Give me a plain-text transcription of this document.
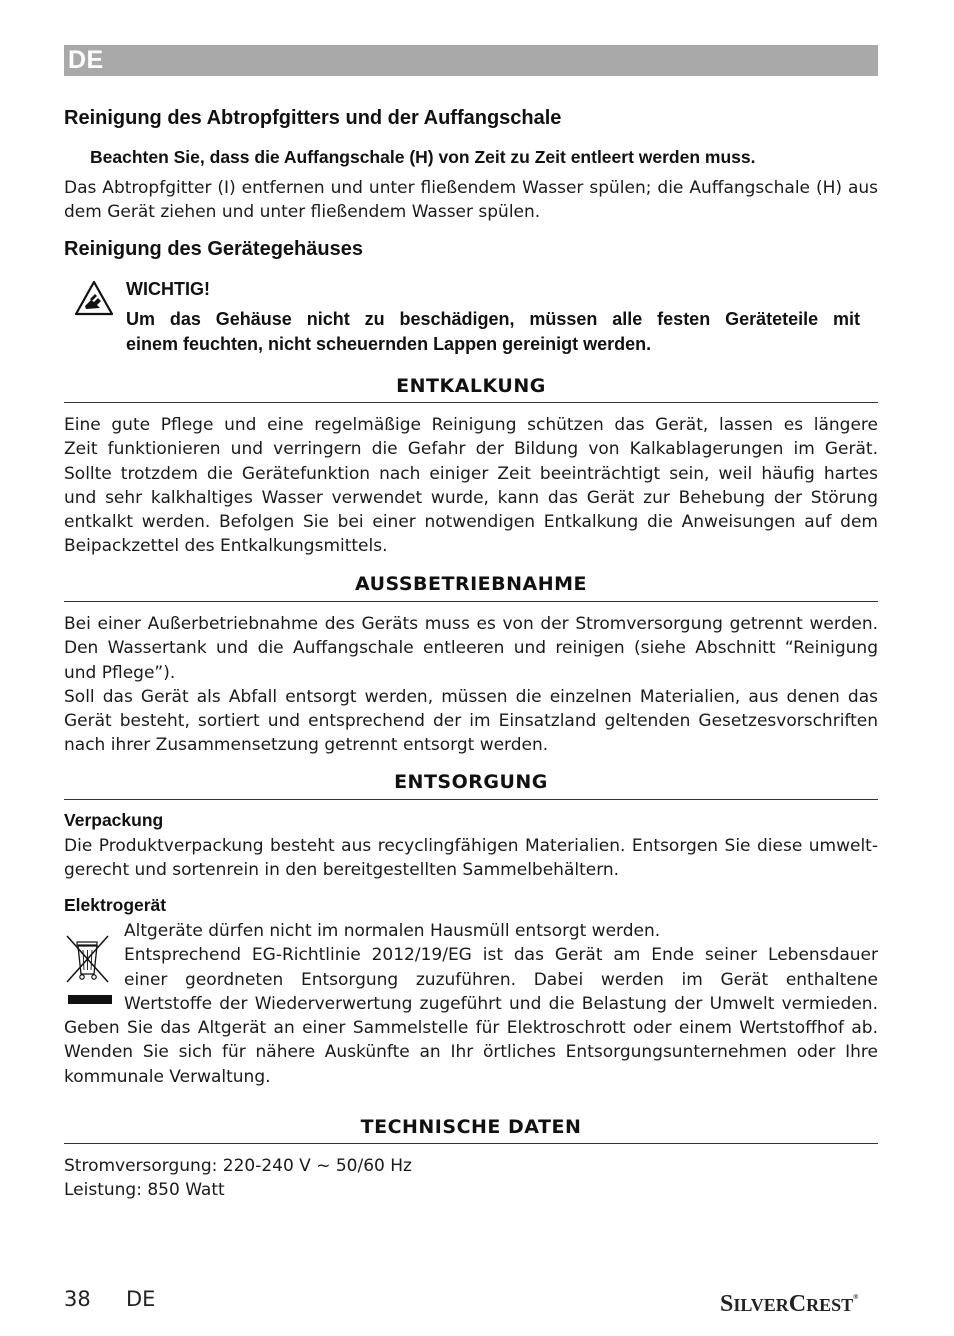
DE
Reinigung des Abtropfgitters und der Auffangschale
Beachten Sie, dass die Auffangschale (H) von Zeit zu Zeit entleert werden muss.
Das Abtropfgitter (I) entfernen und unter fließendem Wasser spülen; die Auffangschale (H) aus
dem Gerät ziehen und unter fließendem Wasser spülen.
Reinigung des Gerätegehäuses
WICHTIG!
Um das Gehäuse nicht zu beschädigen, müssen alle festen Geräteteile mit
einem feuchten, nicht scheuernden Lappen gereinigt werden.
ENTKALKUNG
Eine gute Pflege und eine regelmäßige Reinigung schützen das Gerät, lassen es längere
Zeit funktionieren und verringern die Gefahr der Bildung von Kalkablagerungen im Gerät.
Sollte trotzdem die Gerätefunktion nach einiger Zeit beeinträchtigt sein, weil häufig hartes
und sehr kalkhaltiges Wasser verwendet wurde, kann das Gerät zur Behebung der Störung
entkalkt werden. Befolgen Sie bei einer notwendigen Entkalkung die Anweisungen auf dem
Beipackzettel des Entkalkungsmittels.
AUSSBETRIEBNAHME
Bei einer Außerbetriebnahme des Geräts muss es von der Stromversorgung getrennt werden.
Den Wassertank und die Auffangschale entleeren und reinigen (siehe Abschnitt “Reinigung
und Pflege”).
Soll das Gerät als Abfall entsorgt werden, müssen die einzelnen Materialien, aus denen das
Gerät besteht, sortiert und entsprechend der im Einsatzland geltenden Gesetzesvorschriften
nach ihrer Zusammensetzung getrennt entsorgt werden.
ENTSORGUNG
Verpackung
Die Produktverpackung besteht aus recyclingfähigen Materialien. Entsorgen Sie diese umwelt-
gerecht und sortenrein in den bereitgestellten Sammelbehältern.
Elektrogerät
Altgeräte dürfen nicht im normalen Hausmüll entsorgt werden.
Entsprechend EG-Richtlinie 2012/19/EG ist das Gerät am Ende seiner Lebensdauer
einer geordneten Entsorgung zuzuführen. Dabei werden im Gerät enthaltene
Wertstoffe der Wiederverwertung zugeführt und die Belastung der Umwelt vermieden.
Geben Sie das Altgerät an einer Sammelstelle für Elektroschrott oder einem Wertstoffhof ab.
Wenden Sie sich für nähere Auskünfte an Ihr örtliches Entsorgungsunternehmen oder Ihre
kommunale Verwaltung.
TECHNISCHE DATEN
Stromversorgung: 220-240 V ~ 50/60 Hz
Leistung: 850 Watt
38 DE	SILVERCREST®
